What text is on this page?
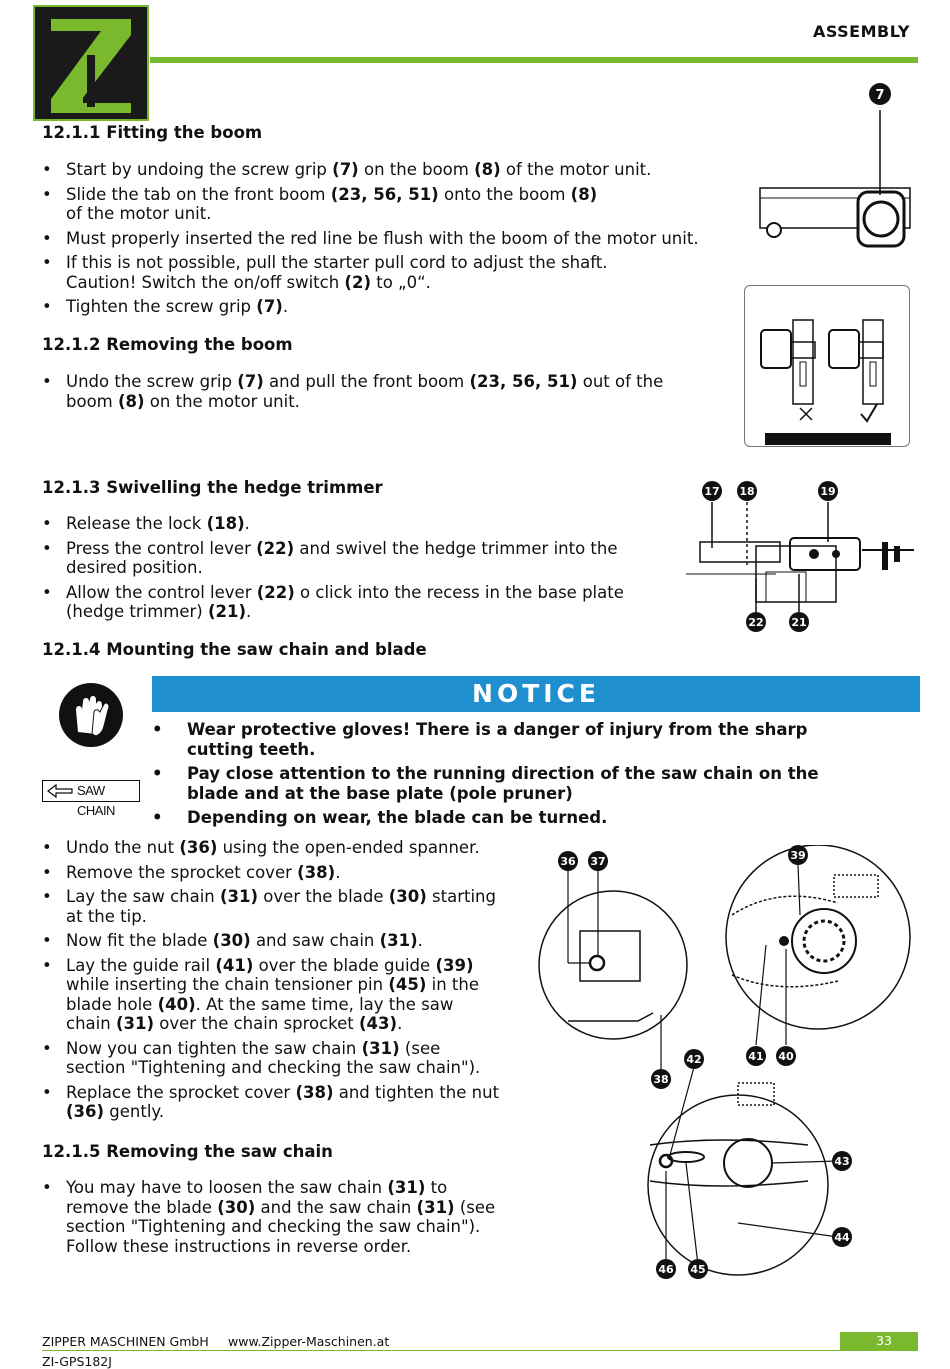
ASSEMBLY
12.1.1 Fitting the boom
• Start by undoing the screw grip (7) on the boom (8) of the motor unit.
• Slide the tab on the front boom (23, 56, 51) onto the boom (8)
of the motor unit.
• Must properly inserted the red line be flush with the boom of the motor unit.
• If this is not possible, pull the starter pull cord to adjust the shaft.
Caution! Switch the on/off switch (2) to „0“.
• Tighten the screw grip (7).
7
12.1.2 Removing the boom
• Undo the screw grip (7) and pull the front boom (23, 56, 51) out of the
boom (8) on the motor unit.
12.1.3 Swivelling the hedge trimmer
• Release the lock (18).
• Press the control lever (22) and swivel the hedge trimmer into the
desired position.
• Allow the control lever (22) o click into the recess in the base plate
(hedge trimmer) (21).
17 18	19
22	21
12.1.4 Mounting the saw chain and blade
SAW CHAIN
NOTICE
• Wear protective gloves! There is a danger of injury from the sharp
cutting teeth.
• Pay close attention to the running direction of the saw chain on the
blade and at the base plate (pole pruner)
• Depending on wear, the blade can be turned.
• Undo the nut (36) using the open-ended spanner.
• Remove the sprocket cover (38).
• Lay the saw chain (31) over the blade (30) starting
at the tip.
• Now fit the blade (30) and saw chain (31).
• Lay the guide rail (41) over the blade guide (39)
while inserting the chain tensioner pin (45) in the
blade hole (40). At the same time, lay the saw
chain (31) over the chain sprocket (43).
• Now you can tighten the saw chain (31) (see
section "Tightening and checking the saw chain").
• Replace the sprocket cover (38) and tighten the nut
(36) gently.
36 37	39
38
41 40
42
43
44
46 45
12.1.5 Removing the saw chain
• You may have to loosen the saw chain (31) to
remove the blade (30) and the saw chain (31) (see
section "Tightening and checking the saw chain").
Follow these instructions in reverse order.
ZIPPER MASCHINEN GmbH www.Zipper-Maschinen.at	33
ZI-GPS182J
